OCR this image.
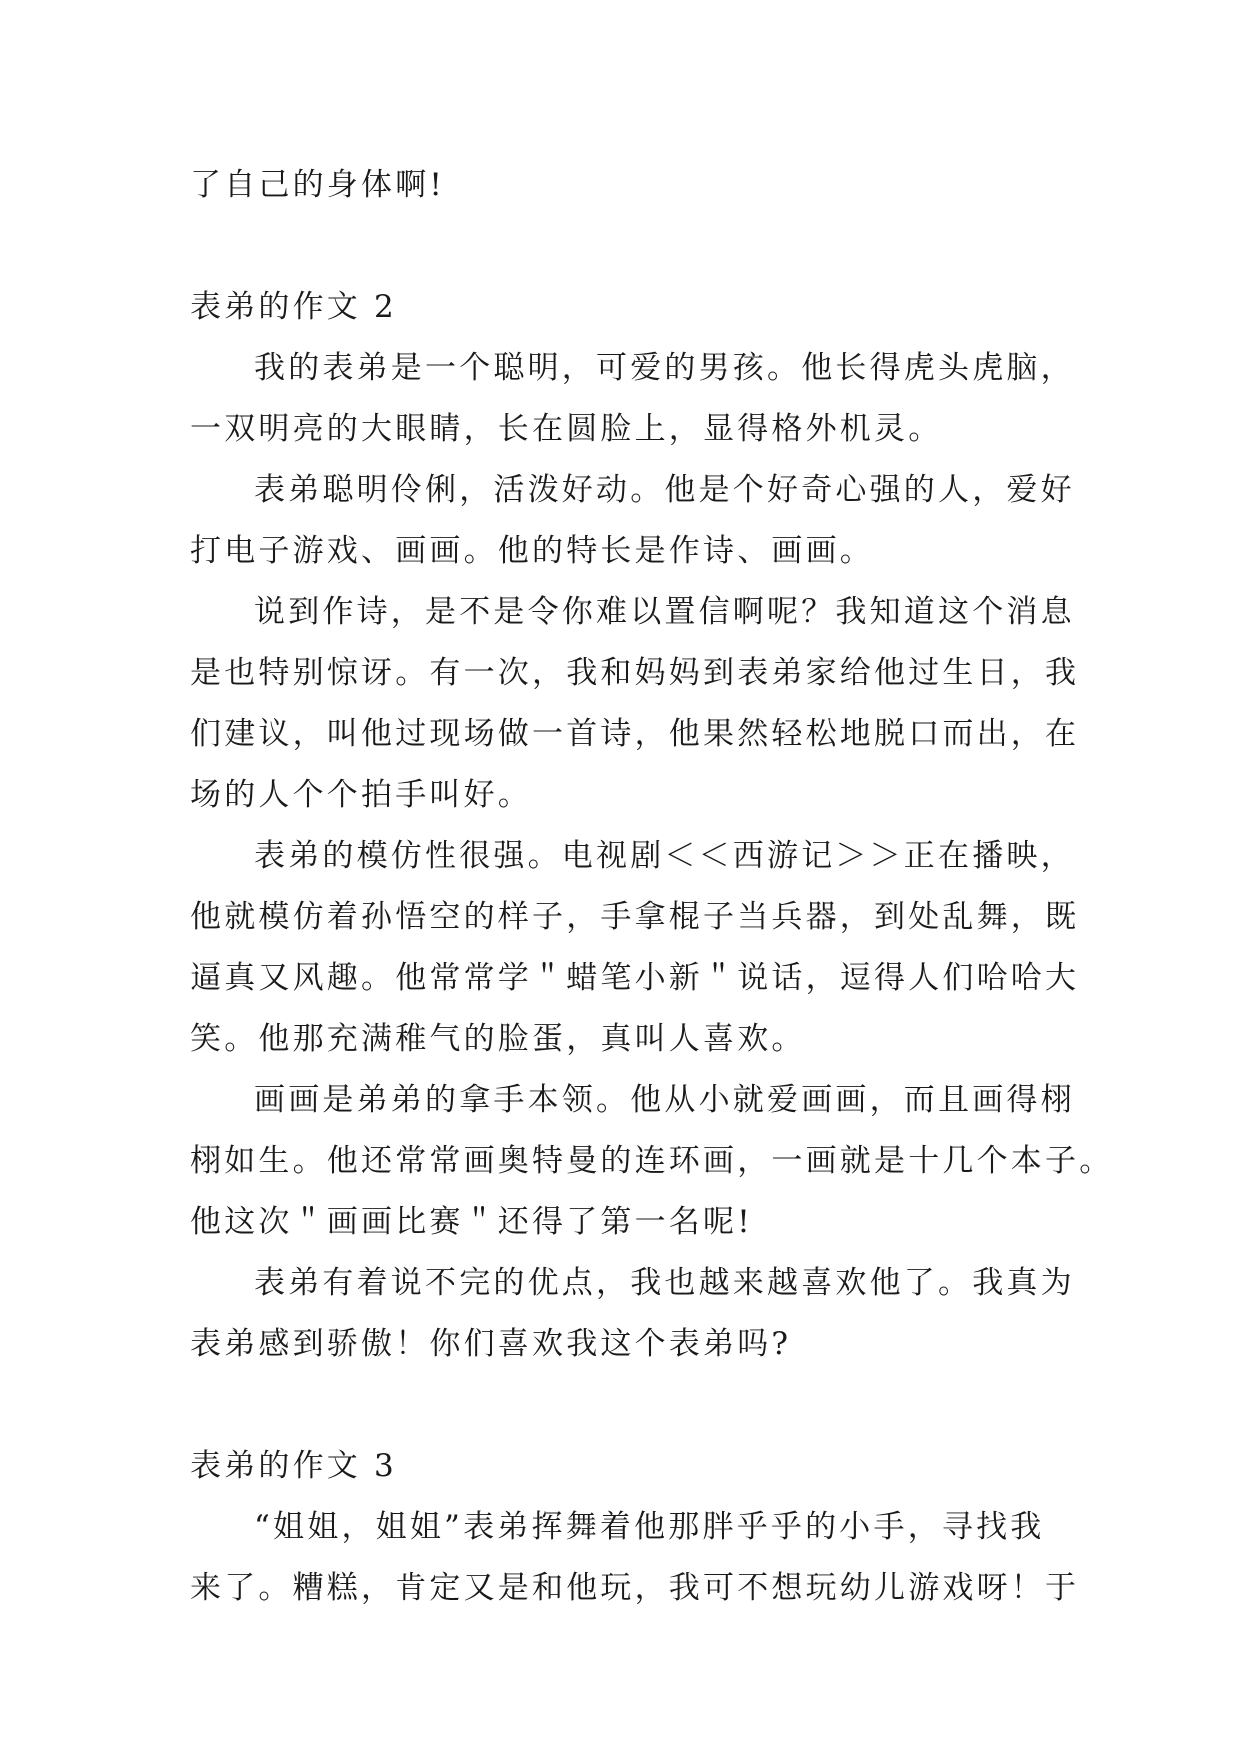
了自己的身体啊!
表弟的作文 2
我的表弟是一个聪明，可爱的男孩。他长得虎头虎脑，
一双明亮的大眼睛，长在圆脸上，显得格外机灵。
表弟聪明伶俐，活泼好动。他是个好奇心强的人，爱好
打电子游戏、画画。他的特长是作诗、画画。
说到作诗，是不是令你难以置信啊呢？我知道这个消息
是也特别惊讶。有一次，我和妈妈到表弟家给他过生日，我
们建议，叫他过现场做一首诗，他果然轻松地脱口而出，在
场的人个个拍手叫好。
表弟的模仿性很强。电视剧＜＜西游记＞＞正在播映，
他就模仿着孙悟空的样子，手拿棍子当兵器，到处乱舞，既
逼真又风趣。他常常学＂蜡笔小新＂说话，逗得人们哈哈大
笑。他那充满稚气的脸蛋，真叫人喜欢。
画画是弟弟的拿手本领。他从小就爱画画，而且画得栩
栩如生。他还常常画奥特曼的连环画，一画就是十几个本子。
他这次＂画画比赛＂还得了第一名呢!
表弟有着说不完的优点，我也越来越喜欢他了。我真为
表弟感到骄傲！你们喜欢我这个表弟吗?
表弟的作文 3
“姐姐，姐姐”表弟挥舞着他那胖乎乎的小手，寻找我
来了。糟糕，肯定又是和他玩，我可不想玩幼儿游戏呀！于
